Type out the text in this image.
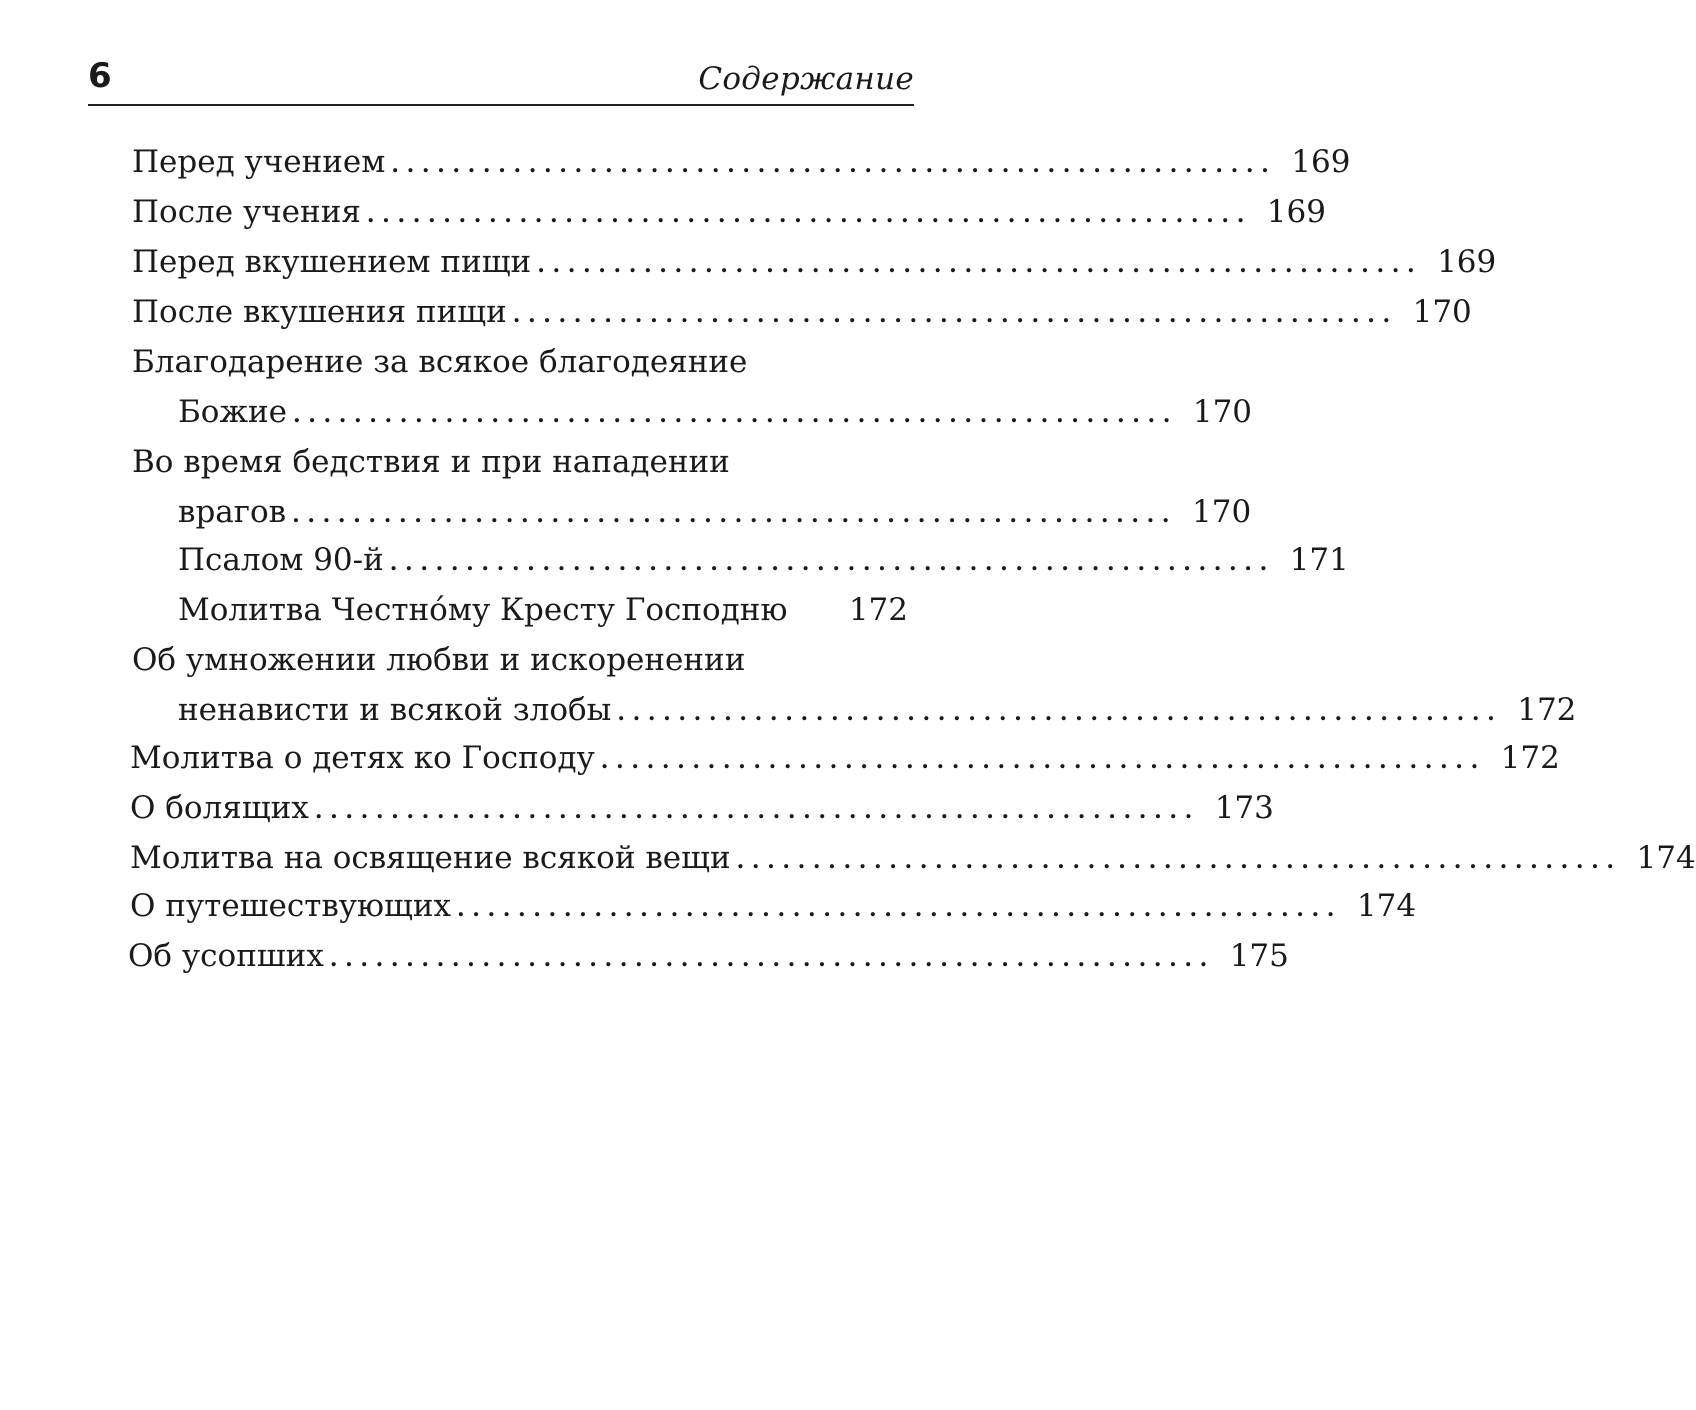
6	Содержание
Перед учением .......................................................... 169
После учения .......................................................... 169
Перед вкушением пищи .......................................................... 169
После вкушения пищи .......................................................... 170
Благодарение за всякое благодеяние
Божие .......................................................... 170
Во время бедствия и при нападении
врагов .......................................................... 170
Псалом 90-й .......................................................... 171
Молитва Честно́му Кресту Господню 172
Об умножении любви и искоренении
ненависти и всякой злобы .......................................................... 172
Молитва о детях ко Господу .......................................................... 172
О болящих .......................................................... 173
Молитва на освящение всякой вещи .......................................................... 174
О путешествующих .......................................................... 174
Об усопших .......................................................... 175
